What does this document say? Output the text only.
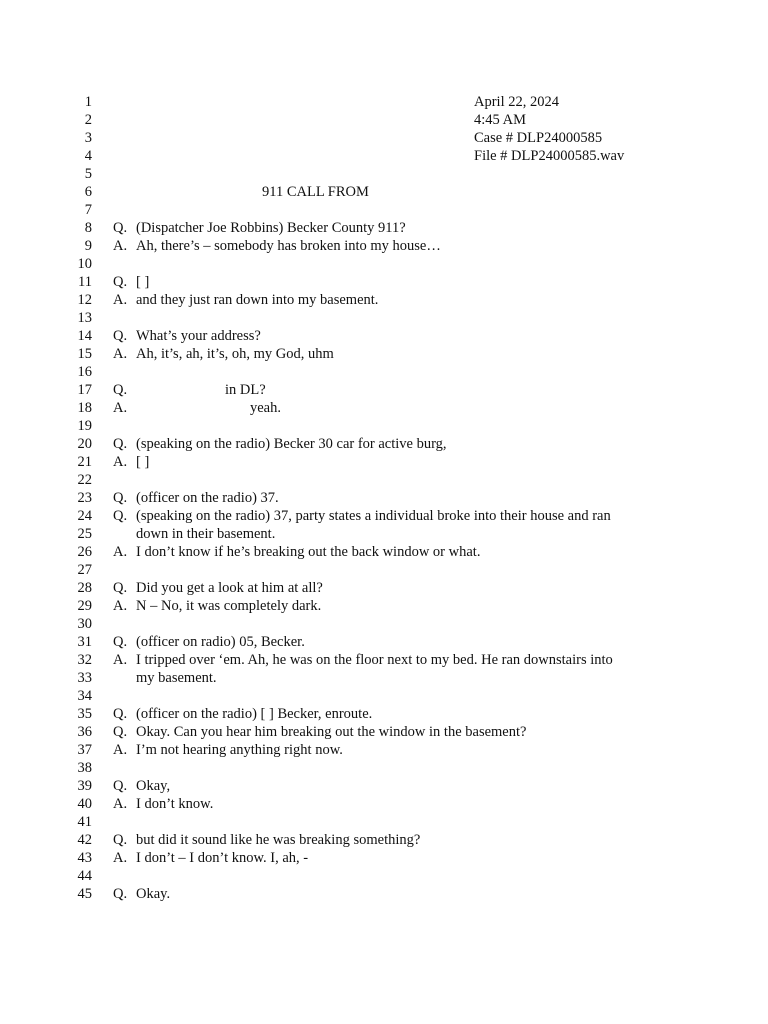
April 22, 2024
4:45 AM
Case # DLP24000585
File # DLP24000585.wav
1
2
3
4
5
6	911 CALL FROM
7
8 Q. (Dispatcher Joe Robbins) Becker County 911?
9 A. Ah, there’s – somebody has broken into my house…
10
11 Q. [ ]
12 A. and they just ran down into my basement.
13
14 Q. What’s your address?
15 A. Ah, it’s, ah, it’s, oh, my God, uhm
16
17 Q.	in DL?
18 A.	yeah.
19
20 Q. (speaking on the radio) Becker 30 car for active burg,
21 A. [ ]
22
23 Q. (officer on the radio) 37.
24 Q. (speaking on the radio) 37, party states a individual broke into their house and ran
25	down in their basement.
26 A. I don’t know if he’s breaking out the back window or what.
27
28 Q. Did you get a look at him at all?
29 A. N – No, it was completely dark.
30
31 Q. (officer on radio) 05, Becker.
32 A. I tripped over ‘em. Ah, he was on the floor next to my bed. He ran downstairs into
33	my basement.
34
35 Q. (officer on the radio) [ ] Becker, enroute.
36 Q. Okay. Can you hear him breaking out the window in the basement?
37 A. I’m not hearing anything right now.
38
39 Q. Okay,
40 A. I don’t know.
41
42 Q. but did it sound like he was breaking something?
43 A. I don’t – I don’t know. I, ah, -
44
45 Q. Okay.
